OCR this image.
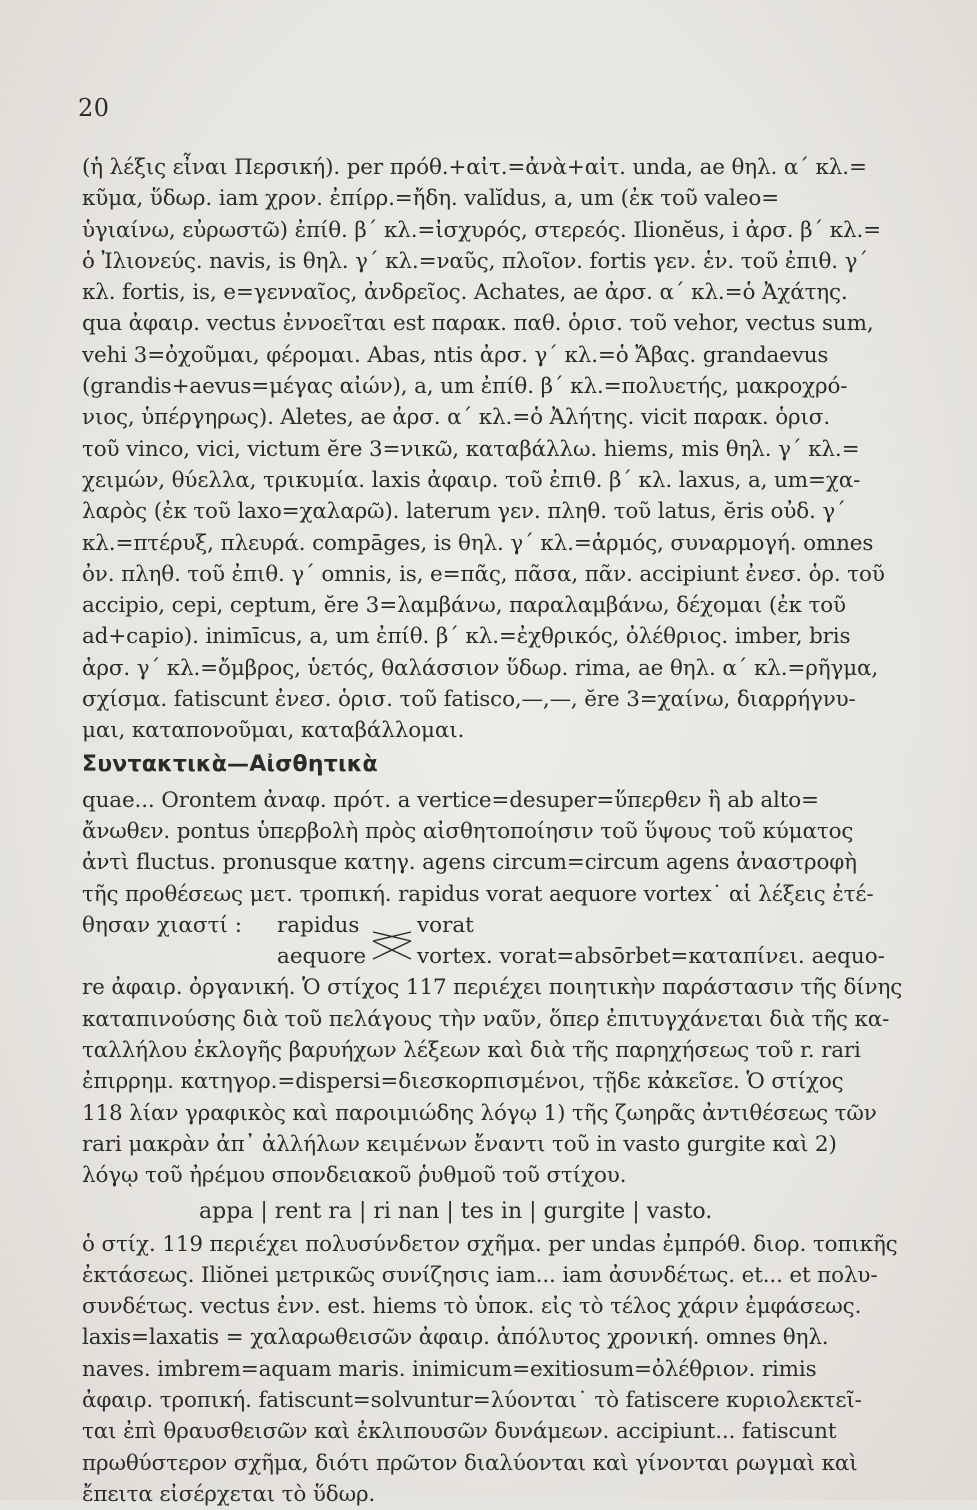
20
(ἡ λέξις εἶναι Περσική). per πρόθ.+αἰτ.=ἀνὰ+αἰτ. unda, ae θηλ. α΄ κλ.=
κῦμα, ὕδωρ. iam χρον. ἐπίρρ.=ἤδη. valĭdus, a, um (ἐκ τοῦ valeo=
ὑγιαίνω, εὐρωστῶ) ἐπίθ. β΄ κλ.=ἰσχυρός, στερεός. Ilionĕus, i ἀρσ. β΄ κλ.=
ὁ Ἰλιονεύς. navis, is θηλ. γ΄ κλ.=ναῦς, πλοῖον. fortis γεν. ἑν. τοῦ ἐπιθ. γ΄
κλ. fortis, is, e=γενναῖος, ἀνδρεῖος. Achates, ae ἀρσ. α΄ κλ.=ὁ Ἀχάτης.
qua ἀφαιρ. vectus ἐννοεῖται est παρακ. παθ. ὁρισ. τοῦ vehor, vectus sum,
vehi 3=ὀχοῦμαι, φέρομαι. Abas, ntis ἀρσ. γ΄ κλ.=ὁ Ἄβας. grandaevus
(grandis+aevus=μέγας αἰών), a, um ἐπίθ. β΄ κλ.=πολυετής, μακροχρό-
νιος, ὑπέργηρως). Aletes, ae ἀρσ. α΄ κλ.=ὁ Ἀλήτης. vicit παρακ. ὁρισ.
τοῦ vinco, vici, victum ĕre 3=νικῶ, καταβάλλω. hiems, mis θηλ. γ΄ κλ.=
χειμών, θύελλα, τρικυμία. laxis ἀφαιρ. τοῦ ἐπιθ. β΄ κλ. laxus, a, um=χα-
λαρὸς (ἐκ τοῦ laxo=χαλαρῶ). laterum γεν. πληθ. τοῦ latus, ĕris οὐδ. γ΄
κλ.=πτέρυξ, πλευρά. compāges, is θηλ. γ΄ κλ.=ἁρμός, συναρμογή. omnes
ὀν. πληθ. τοῦ ἐπιθ. γ΄ omnis, is, e=πᾶς, πᾶσα, πᾶν. accipiunt ἐνεσ. ὁρ. τοῦ
accipio, cepi, ceptum, ĕre 3=λαμβάνω, παραλαμβάνω, δέχομαι (ἐκ τοῦ
ad+capio). inimīcus, a, um ἐπίθ. β΄ κλ.=ἐχθρικός, ὀλέθριος. imber, bris
ἀρσ. γ΄ κλ.=ὄμβρος, ὑετός, θαλάσσιον ὕδωρ. rima, ae θηλ. α΄ κλ.=ρῆγμα,
σχίσμα. fatiscunt ἐνεσ. ὁρισ. τοῦ fatisco,—,—, ĕre 3=χαίνω, διαρρήγνυ-
μαι, καταπονοῦμαι, καταβάλλομαι.
Συντακτικὰ—Αἰσθητικὰ
quae... Orontem ἀναφ. πρότ. a vertice=desuper=ὕπερθεν ἢ ab alto=
ἄνωθεν. pontus ὑπερβολὴ πρὸς αἰσθητοποίησιν τοῦ ὕψους τοῦ κύματος
ἀντὶ fluctus. pronusque κατηγ. agens circum=circum agens ἀναστροφὴ
τῆς προθέσεως μετ. τροπική. rapidus vorat aequore vortex˙ αἱ λέξεις ἐτέ-
θησαν χιαστί :	rapidus	vorat
aequore vortex. vorat=absōrbet=καταπίνει. aequo-
re ἀφαιρ. ὀργανική. Ὁ στίχος 117 περιέχει ποιητικὴν παράστασιν τῆς δίνης
καταπινούσης διὰ τοῦ πελάγους τὴν ναῦν, ὅπερ ἐπιτυγχάνεται διὰ τῆς κα-
ταλλήλου ἐκλογῆς βαρυήχων λέξεων καὶ διὰ τῆς παρηχήσεως τοῦ r. rari
ἐπιρρημ. κατηγορ.=dispersi=διεσκορπισμένοι, τῇδε κἀκεῖσε. Ὁ στίχος
118 λίαν γραφικὸς καὶ παροιμιώδης λόγῳ 1) τῆς ζωηρᾶς ἀντιθέσεως τῶν
rari μακρὰν ἀπ᾽ ἀλλήλων κειμένων ἔναντι τοῦ in vasto gurgite καὶ 2)
λόγῳ τοῦ ἠρέμου σπονδειακοῦ ῥυθμοῦ τοῦ στίχου.
appa | rent ra | ri nan | tes in | gurgite | vasto.
ὁ στίχ. 119 περιέχει πολυσύνδετον σχῆμα. per undas ἐμπρόθ. διορ. τοπικῆς
ἐκτάσεως. Iliŏnei μετρικῶς συνίζησις iam... iam ἀσυνδέτως. et... et πολυ-
συνδέτως. vectus ἐνν. est. hiems τὸ ὑποκ. εἰς τὸ τέλος χάριν ἐμφάσεως.
laxis=laxatis = χαλαρωθεισῶν ἀφαιρ. ἀπόλυτος χρονική. omnes θηλ.
naves. imbrem=aquam maris. inimicum=exitiosum=ὀλέθριον. rimis
ἀφαιρ. τροπική. fatiscunt=solvuntur=λύονται˙ τὸ fatiscere κυριολεκτεῖ-
ται ἐπὶ θραυσθεισῶν καὶ ἐκλιπουσῶν δυνάμεων. accipiunt... fatiscunt
πρωθύστερον σχῆμα, διότι πρῶτον διαλύονται καὶ γίνονται ρωγμαὶ καὶ
ἔπειτα εἰσέρχεται τὸ ὕδωρ.
